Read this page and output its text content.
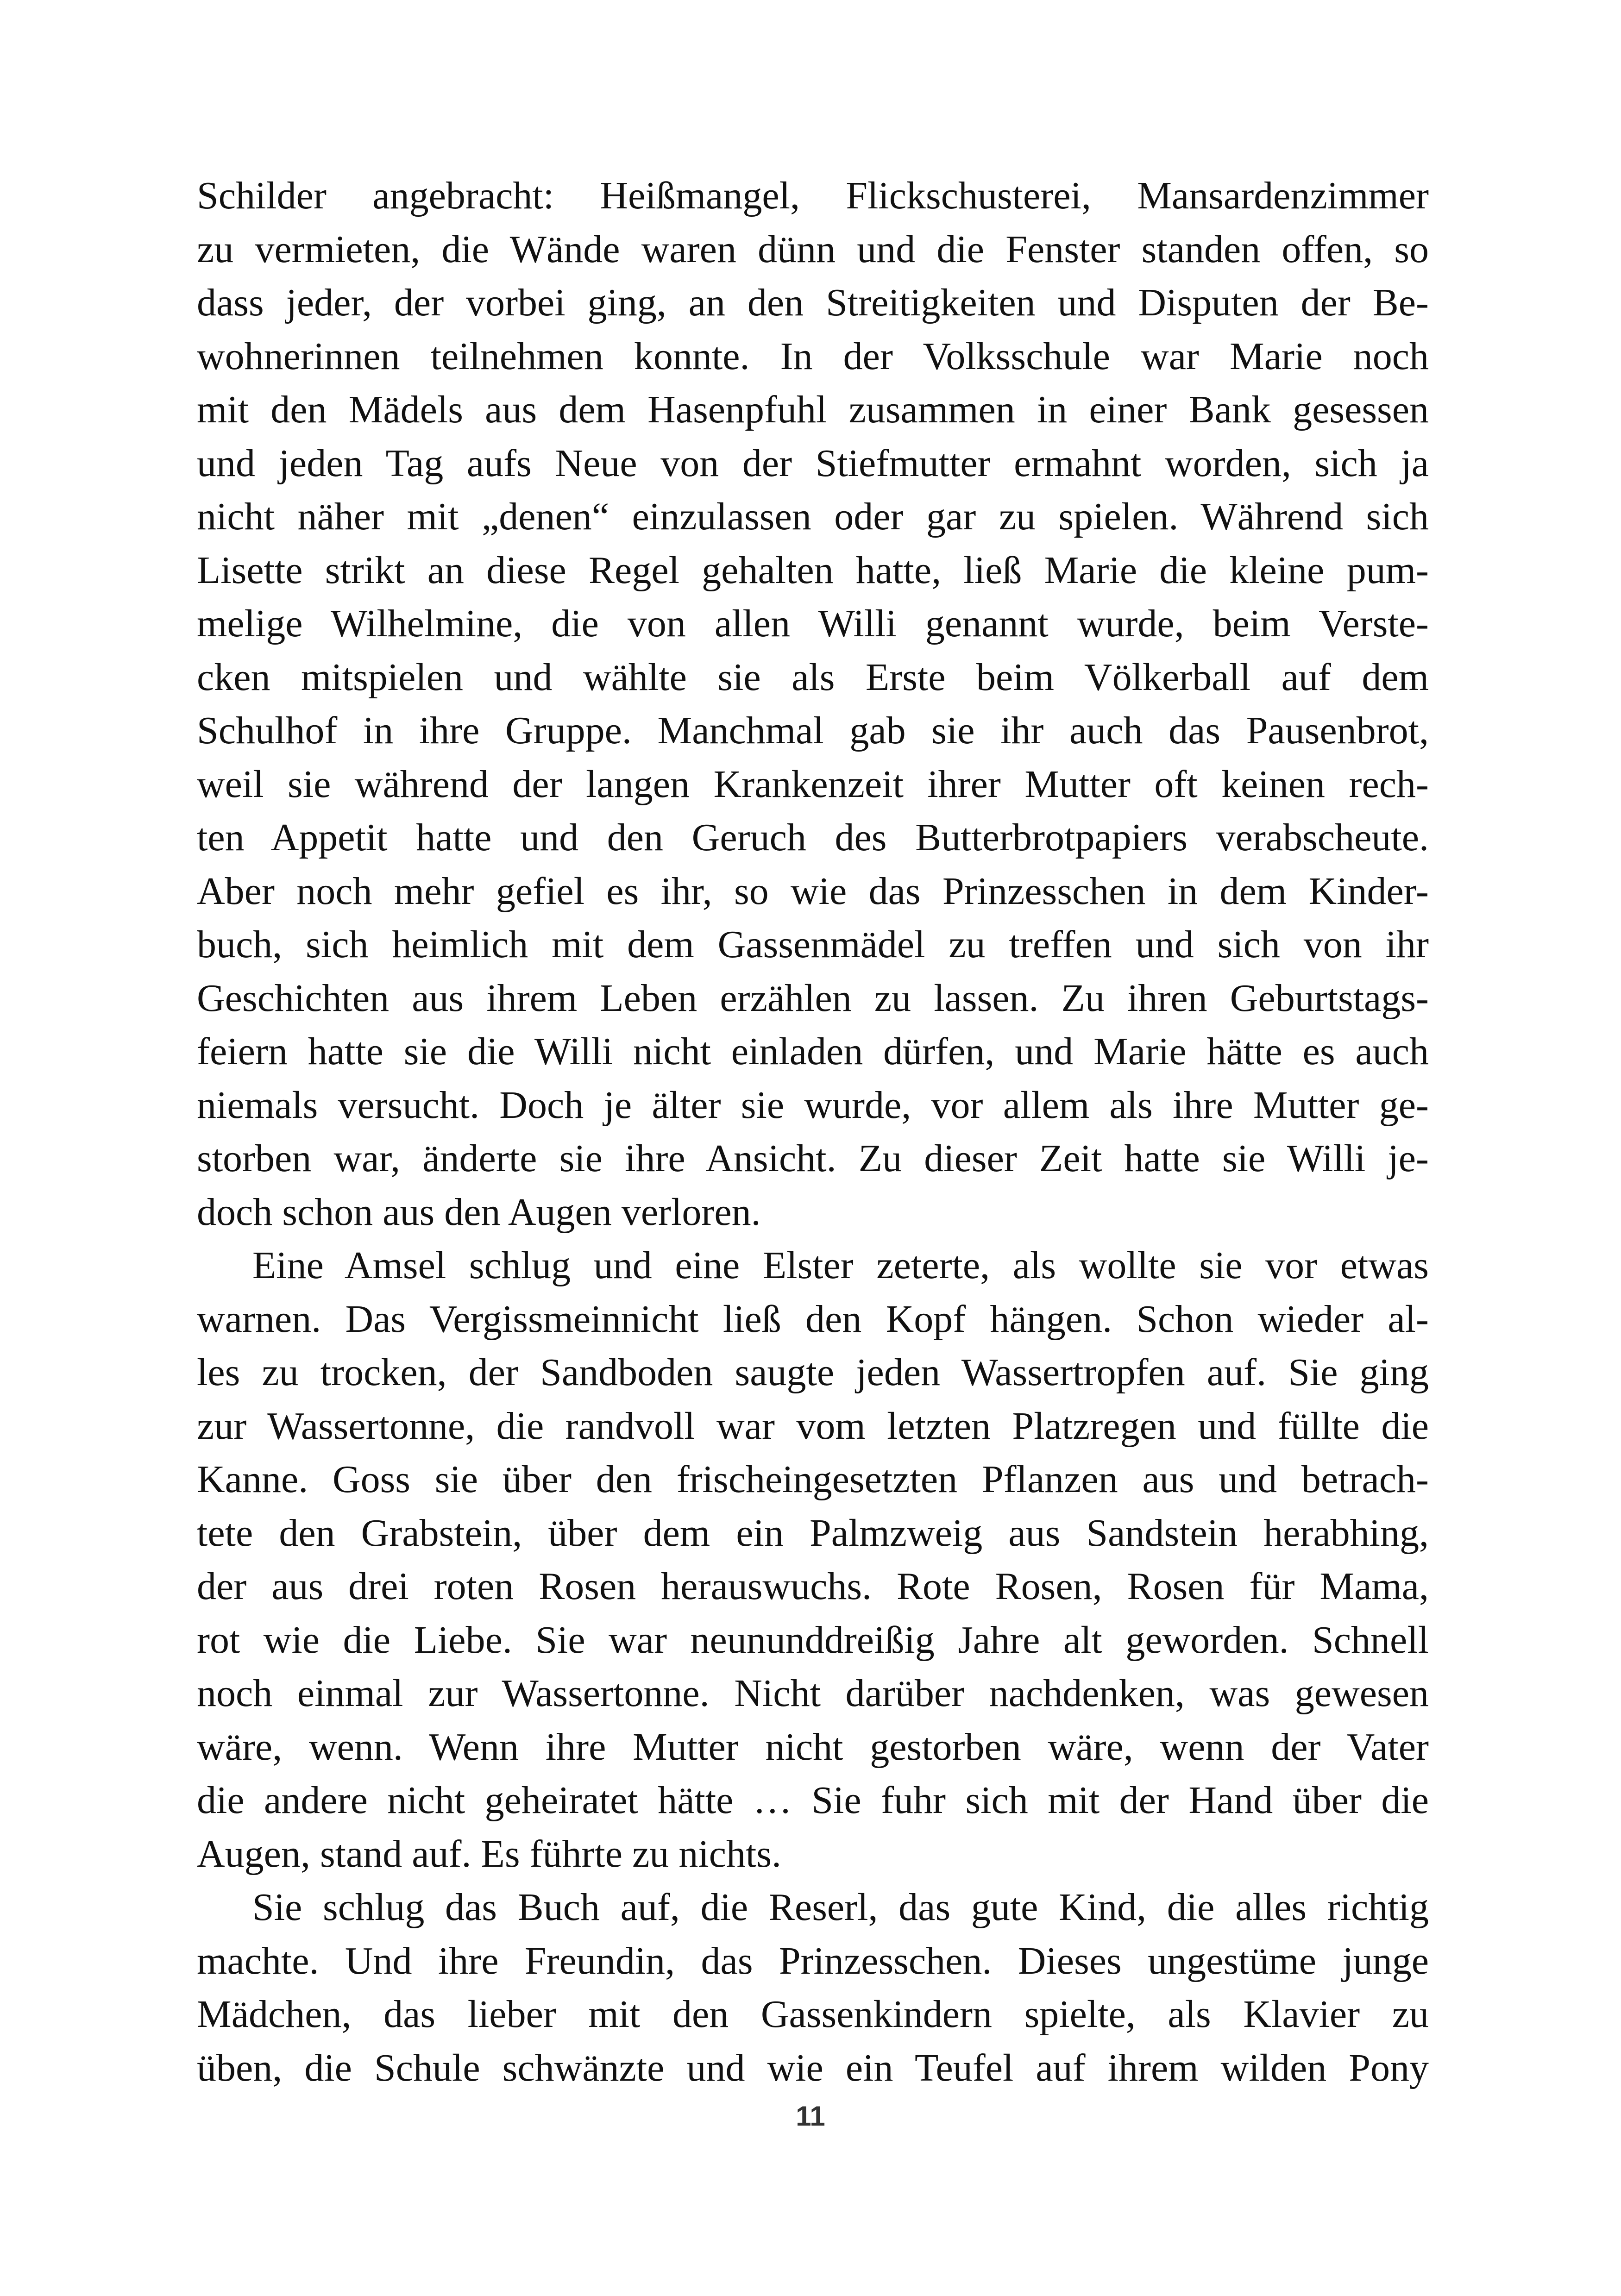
Schilder angebracht: Heißmangel, Flickschusterei, Mansardenzimmer
zu vermieten, die Wände waren dünn und die Fenster standen offen, so
dass jeder, der vorbei ging, an den Streitigkeiten und Disputen der Be-
wohnerinnen teilnehmen konnte. In der Volksschule war Marie noch
mit den Mädels aus dem Hasenpfuhl zusammen in einer Bank gesessen
und jeden Tag aufs Neue von der Stiefmutter ermahnt worden, sich ja
nicht näher mit „denen“ einzulassen oder gar zu spielen. Während sich
Lisette strikt an diese Regel gehalten hatte, ließ Marie die kleine pum-
melige Wilhelmine, die von allen Willi genannt wurde, beim Verste-
cken mitspielen und wählte sie als Erste beim Völkerball auf dem
Schulhof in ihre Gruppe. Manchmal gab sie ihr auch das Pausenbrot,
weil sie während der langen Krankenzeit ihrer Mutter oft keinen rech-
ten Appetit hatte und den Geruch des Butterbrotpapiers verabscheute.
Aber noch mehr gefiel es ihr, so wie das Prinzesschen in dem Kinder-
buch, sich heimlich mit dem Gassenmädel zu treffen und sich von ihr
Geschichten aus ihrem Leben erzählen zu lassen. Zu ihren Geburtstags-
feiern hatte sie die Willi nicht einladen dürfen, und Marie hätte es auch
niemals versucht. Doch je älter sie wurde, vor allem als ihre Mutter ge-
storben war, änderte sie ihre Ansicht. Zu dieser Zeit hatte sie Willi je-
doch schon aus den Augen verloren.
Eine Amsel schlug und eine Elster zeterte, als wollte sie vor etwas
warnen. Das Vergissmeinnicht ließ den Kopf hängen. Schon wieder al-
les zu trocken, der Sandboden saugte jeden Wassertropfen auf. Sie ging
zur Wassertonne, die randvoll war vom letzten Platzregen und füllte die
Kanne. Goss sie über den frischeingesetzten Pflanzen aus und betrach-
tete den Grabstein, über dem ein Palmzweig aus Sandstein herabhing,
der aus drei roten Rosen herauswuchs. Rote Rosen, Rosen für Mama,
rot wie die Liebe. Sie war neununddreißig Jahre alt geworden. Schnell
noch einmal zur Wassertonne. Nicht darüber nachdenken, was gewesen
wäre, wenn. Wenn ihre Mutter nicht gestorben wäre, wenn der Vater
die andere nicht geheiratet hätte … Sie fuhr sich mit der Hand über die
Augen, stand auf. Es führte zu nichts.
Sie schlug das Buch auf, die Reserl, das gute Kind, die alles richtig
machte. Und ihre Freundin, das Prinzesschen. Dieses ungestüme junge
Mädchen, das lieber mit den Gassenkindern spielte, als Klavier zu
üben, die Schule schwänzte und wie ein Teufel auf ihrem wilden Pony
11
